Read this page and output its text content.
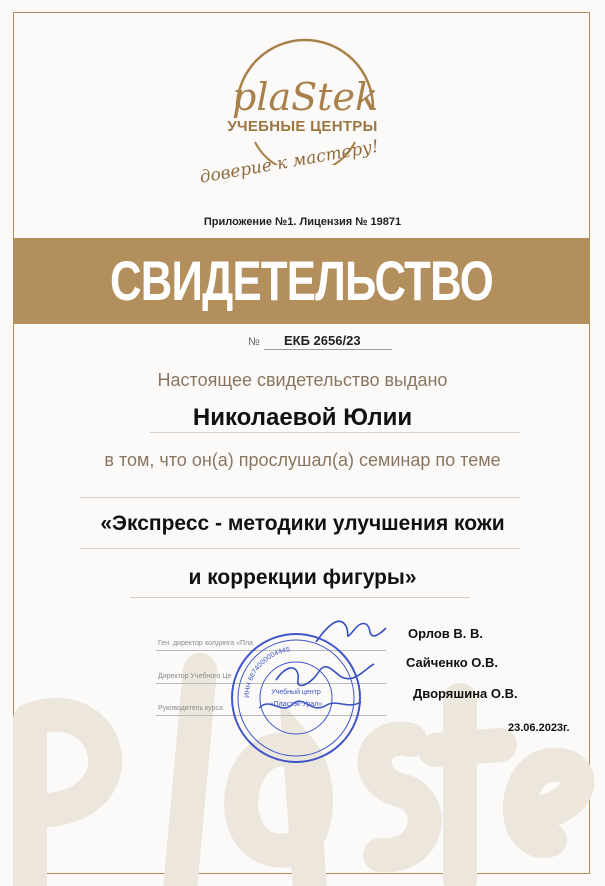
plaStek
УЧЕБНЫЕ ЦЕНТРЫ
доверие к мастеру!
Приложение №1. Лицензия № 19871
СВИДЕТЕЛЬСТВО
№ ЕКБ 2656/23
Настоящее свидетельство выдано
Николаевой Юлии
в том, что он(а) прослушал(а) семинар по теме
«Экспресс - методики улучшения кожи
и коррекции фигуры»
Ген. директор холдинга «Пла
Орлов В. В.
Директор Учебного Це
Сайченко О.В.
Руководитель курса
Дворяшина О.В.
ИНН 6674000004445
Учебный центр
«Пластэк-Урал»
23.06.2023г.
